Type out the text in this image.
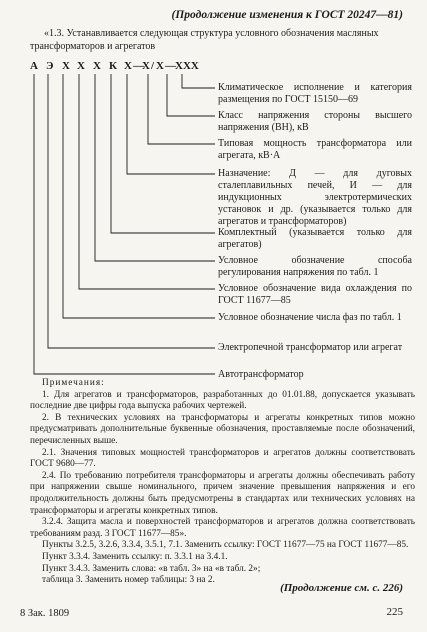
(Продолжение изменения к ГОСТ 20247—81)
«1.3. Устанавливается следующая структура условного обозначения масляных трансформаторов и агрегатов
А Э Х Х Х К Х —
Х / Х — ХХХ
Климатическое исполнение и категория размещения по ГОСТ 15150—69
Класс напряжения стороны высшего напряжения (ВН), кВ
Типовая мощность трансформатора или агрегата, кВ·А
Назначение: Д — для дуговых сталеплавильных печей, И — для индукционных электротермических установок и др. (указывается только для агрегатов и трансформаторов)
Комплектный (указывается только для агрегатов)
Условное обозначение способа регулирования напряжения по табл. 1
Условное обозначение вида охлаждения по ГОСТ 11677—85
Условное обозначение числа фаз по табл. 1
Электропечной трансформатор или агрегат
Автотрансформатор

Примечания:

1. Для агрегатов и трансформаторов, разработанных до 01.01.88, допускается указывать последние две цифры года выпуска рабочих чертежей.

2. В технических условиях на трансформаторы и агрегаты конкретных типов можно предусматривать дополнительные буквенные обозначения, проставляемые после обозначений, перечисленных выше.

2.1. Значения типовых мощностей трансформаторов и агрегатов должны соответствовать ГОСТ 9680—77.

2.4. По требованию потребителя трансформаторы и агрегаты должны обеспечивать работу при напряжении свыше номинального, причем значение превышения напряжения и его продолжительность должны быть предусмотрены в стандартах или технических условиях на трансформаторы и агрегаты конкретных типов.

3.2.4. Защита масла и поверхностей трансформаторов и агрегатов должна соответствовать требованиям разд. 3 ГОСТ 11677—85».

Пункты 3.2.5, 3.2.6, 3.3.4, 3.5.1, 7.1. Заменить ссылку: ГОСТ 11677—75 на ГОСТ 11677—85.

Пункт 3.3.4. Заменить ссылку: п. 3.3.1 на 3.4.1.

Пункт 3.4.3. Заменить слова: «в табл. 3» на «в табл. 2»;

таблица 3. Заменить номер таблицы: 3 на 2.

(Продолжение см. с. 226)
8 Зак. 1809	225
